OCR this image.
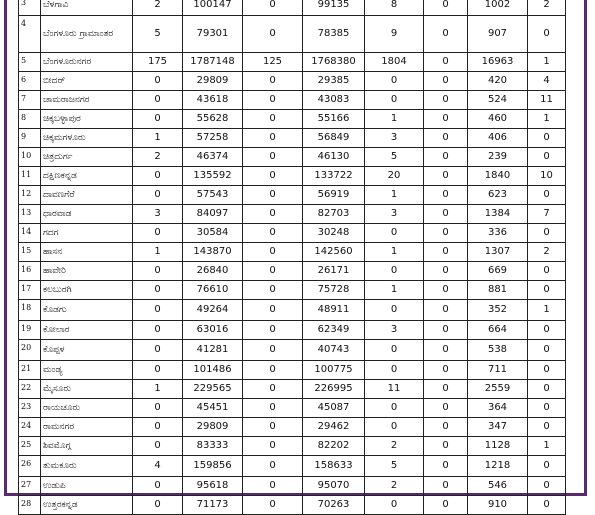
3	ಬೆಳಗಾವಿ	2	100147	0	99135	8	0	1002	2
4	ಬೆಂಗಳೂರು ಗ್ರಾಮಾಂತರ	5	79301	0	78385	9	0	907	0
5	ಬೆಂಗಳೂರುನಗರ	175	1787148	125	1768380	1804	0	16963	1
6	ಬೀದರ್	0	29809	0	29385	0	0	420	4
7	ಚಾಮರಾಜನಗರ	0	43618	0	43083	0	0	524	11
8	ಚಿಕ್ಕಬಳ್ಳಾಪುರ	0	55628	0	55166	1	0	460	1
9	ಚಿಕ್ಕಮಗಳೂರು	1	57258	0	56849	3	0	406	0
10	ಚಿತ್ರದುರ್ಗ	2	46374	0	46130	5	0	239	0
11	ದಕ್ಷಿಣಕನ್ನಡ	0	135592	0	133722	20	0	1840	10
12	ದಾವಣಗೆರೆ	0	57543	0	56919	1	0	623	0
13	ಧಾರವಾಡ	3	84097	0	82703	3	0	1384	7
14	ಗದಗ	0	30584	0	30248	0	0	336	0
15	ಹಾಸನ	1	143870	0	142560	1	0	1307	2
16	ಹಾವೇರಿ	0	26840	0	26171	0	0	669	0
17	ಕಲಬುರಗಿ	0	76610	0	75728	1	0	881	0
18	ಕೊಡಗು	0	49264	0	48911	0	0	352	1
19	ಕೋಲಾರ	0	63016	0	62349	3	0	664	0
20	ಕೊಪ್ಪಳ	0	41281	0	40743	0	0	538	0
21	ಮಂಡ್ಯ	0	101486	0	100775	0	0	711	0
22	ಮೈಸೂರು	1	229565	0	226995	11	0	2559	0
23	ರಾಯಚೂರು	0	45451	0	45087	0	0	364	0
24	ರಾಮನಗರ	0	29809	0	29462	0	0	347	0
25	ಶಿವಮೊಗ್ಗ	0	83333	0	82202	2	0	1128	1
26	ತುಮಕೂರು	4	159856	0	158633	5	0	1218	0
27	ಉಡುಪಿ	0	95618	0	95070	2	0	546	0
28	ಉತ್ತರಕನ್ನಡ	0	71173	0	70263	0	0	910	0
